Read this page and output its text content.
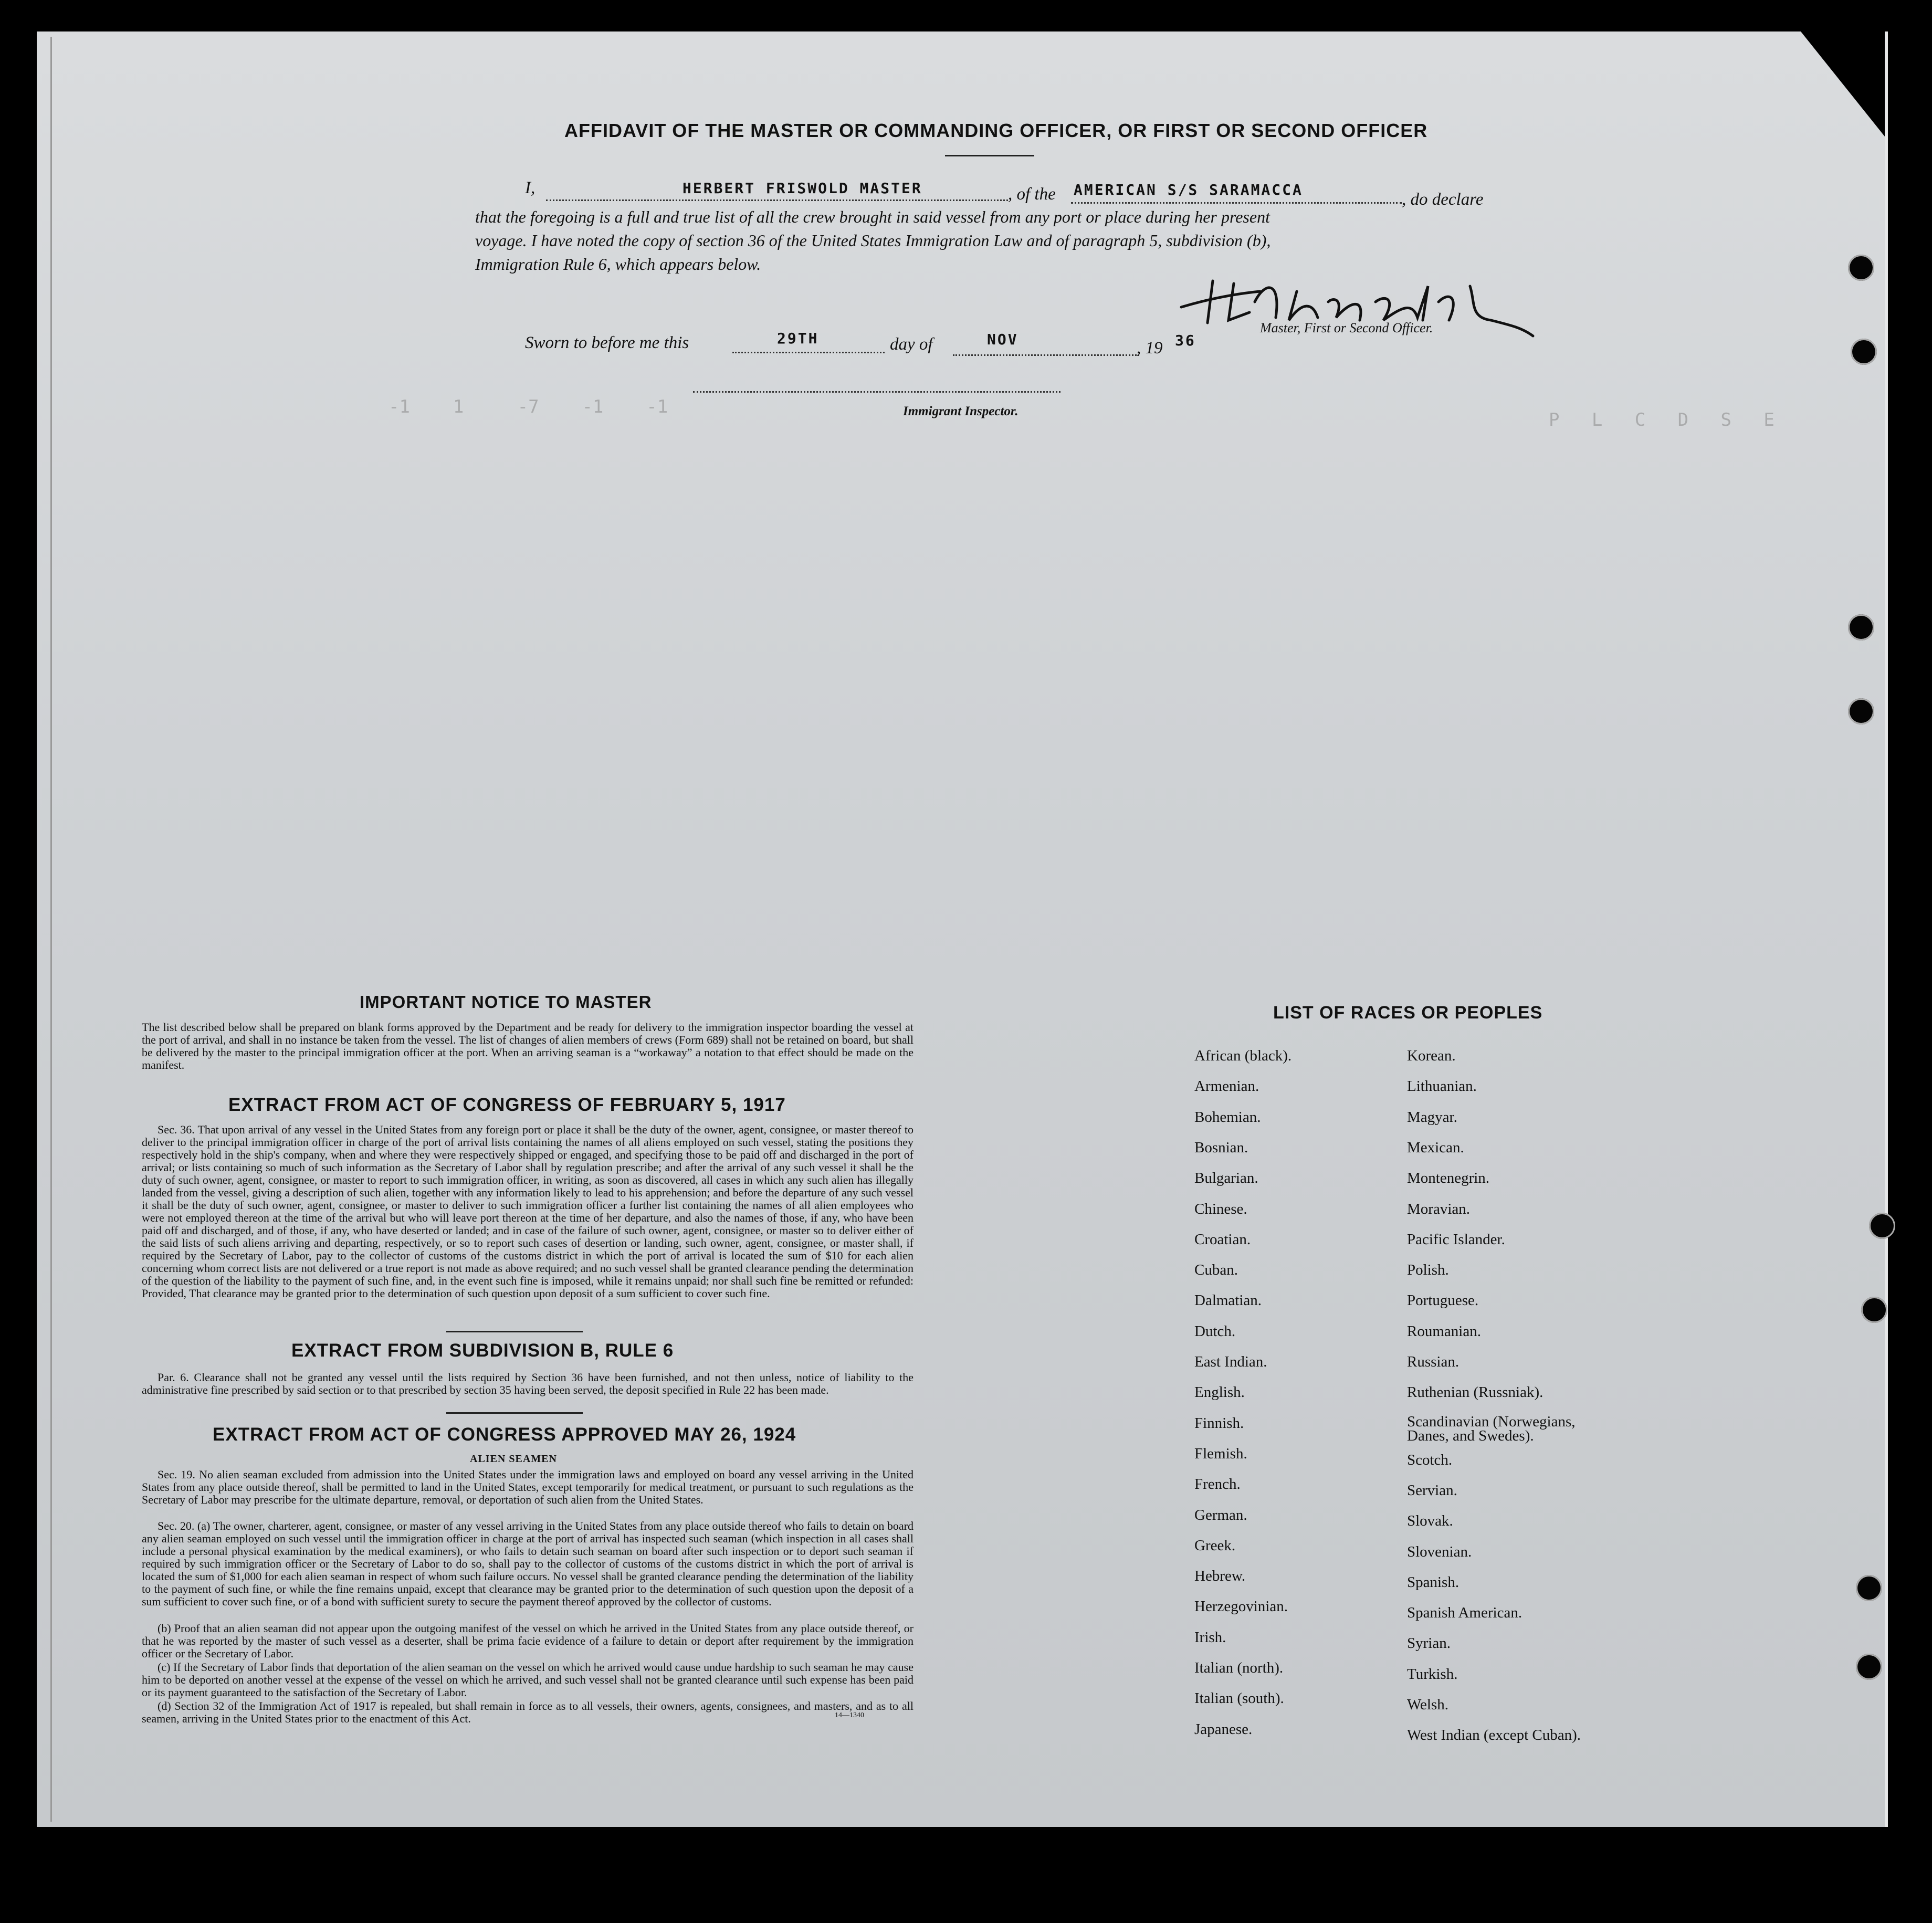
-1    1     -7    -1    -1
P   L   C   D   S   E
AFFIDAVIT OF THE MASTER OR COMMANDING OFFICER, OR FIRST OR SECOND OFFICER
I,	HERBERT FRISWOLD MASTER	, of the AMERICAN S/S SARAMACCA
, do declare
that the foregoing is a full and true list of all the crew brought in said vessel from any port or place during her present
voyage. I have noted the copy of section 36 of the United States Immigration Law and of paragraph 5, subdivision (b),
Immigration Rule 6, which appears below.
Master, First or Second Officer.
Sworn to before me this	29TH	day of	NOV	, 19 36
Immigrant Inspector.
IMPORTANT NOTICE TO MASTER
The list described below shall be prepared on blank forms approved by the Department and be ready for delivery to the immigration inspector boarding the vessel at the port of arrival, and shall in no instance be taken from the vessel. The list of changes of alien members of crews (Form 689) shall not be retained on board, but shall be delivered by the master to the principal immigration officer at the port. When an arriving seaman is a “workaway” a notation to that effect should be made on the manifest.
EXTRACT FROM ACT OF CONGRESS OF FEBRUARY 5, 1917
Sec. 36. That upon arrival of any vessel in the United States from any foreign port or place it shall be the duty of the owner, agent, consignee, or master thereof to deliver to the principal immigration officer in charge of the port of arrival lists containing the names of all aliens employed on such vessel, stating the positions they respectively hold in the ship's company, when and where they were respectively shipped or engaged, and specifying those to be paid off and discharged in the port of arrival; or lists containing so much of such information as the Secretary of Labor shall by regulation prescribe; and after the arrival of any such vessel it shall be the duty of such owner, agent, consignee, or master to report to such immigration officer, in writing, as soon as discovered, all cases in which any such alien has illegally landed from the vessel, giving a description of such alien, together with any information likely to lead to his apprehension; and before the departure of any such vessel it shall be the duty of such owner, agent, consignee, or master to deliver to such immigration officer a further list containing the names of all alien employees who were not employed thereon at the time of the arrival but who will leave port thereon at the time of her departure, and also the names of those, if any, who have been paid off and discharged, and of those, if any, who have deserted or landed; and in case of the failure of such owner, agent, consignee, or master so to deliver either of the said lists of such aliens arriving and departing, respectively, or so to report such cases of desertion or landing, such owner, agent, consignee, or master shall, if required by the Secretary of Labor, pay to the collector of customs of the customs district in which the port of arrival is located the sum of $10 for each alien concerning whom correct lists are not delivered or a true report is not made as above required; and no such vessel shall be granted clearance pending the determination of the question of the liability to the payment of such fine, and, in the event such fine is imposed, while it remains unpaid; nor shall such fine be remitted or refunded: Provided, That clearance may be granted prior to the determination of such question upon deposit of a sum sufficient to cover such fine.
EXTRACT FROM SUBDIVISION B, RULE 6
Par. 6. Clearance shall not be granted any vessel until the lists required by Section 36 have been furnished, and not then unless, notice of liability to the administrative fine prescribed by said section or to that prescribed by section 35 having been served, the deposit specified in Rule 22 has been made.
EXTRACT FROM ACT OF CONGRESS APPROVED MAY 26, 1924
ALIEN SEAMEN
Sec. 19. No alien seaman excluded from admission into the United States under the immigration laws and employed on board any vessel arriving in the United States from any place outside thereof, shall be permitted to land in the United States, except temporarily for medical treatment, or pursuant to such regulations as the Secretary of Labor may prescribe for the ultimate departure, removal, or deportation of such alien from the United States.
Sec. 20. (a) The owner, charterer, agent, consignee, or master of any vessel arriving in the United States from any place outside thereof who fails to detain on board any alien seaman employed on such vessel until the immigration officer in charge at the port of arrival has inspected such seaman (which inspection in all cases shall include a personal physical examination by the medical examiners), or who fails to detain such seaman on board after such inspection or to deport such seaman if required by such immigration officer or the Secretary of Labor to do so, shall pay to the collector of customs of the customs district in which the port of arrival is located the sum of $1,000 for each alien seaman in respect of whom such failure occurs. No vessel shall be granted clearance pending the determination of the liability to the payment of such fine, or while the fine remains unpaid, except that clearance may be granted prior to the determination of such question upon the deposit of a sum sufficient to cover such fine, or of a bond with sufficient surety to secure the payment thereof approved by the collector of customs.
(b) Proof that an alien seaman did not appear upon the outgoing manifest of the vessel on which he arrived in the United States from any place outside thereof, or that he was reported by the master of such vessel as a deserter, shall be prima facie evidence of a failure to detain or deport after requirement by the immigration officer or the Secretary of Labor.
(c) If the Secretary of Labor finds that deportation of the alien seaman on the vessel on which he arrived would cause undue hardship to such seaman he may cause him to be deported on another vessel at the expense of the vessel on which he arrived, and such vessel shall not be granted clearance until such expense has been paid or its payment guaranteed to the satisfaction of the Secretary of Labor.
(d) Section 32 of the Immigration Act of 1917 is repealed, but shall remain in force as to all vessels, their owners, agents, consignees, and masters, and as to all seamen, arriving in the United States prior to the enactment of this Act.	14—1340
LIST OF RACES OR PEOPLES
African (black).
Armenian.
Bohemian.
Bosnian.
Bulgarian.
Chinese.
Croatian.
Cuban.
Dalmatian.
Dutch.
East Indian.
English.
Finnish.
Flemish.
French.
German.
Greek.
Hebrew.
Herzegovinian.
Irish.
Italian (north).
Italian (south).
Japanese.
Korean.
Lithuanian.
Magyar.
Mexican.
Montenegrin.
Moravian.
Pacific Islander.
Polish.
Portuguese.
Roumanian.
Russian.
Ruthenian (Russniak).
Scandinavian (Norwegians, Danes, and Swedes).
Scotch.
Servian.
Slovak.
Slovenian.
Spanish.
Spanish American.
Syrian.
Turkish.
Welsh.
West Indian (except Cuban).
